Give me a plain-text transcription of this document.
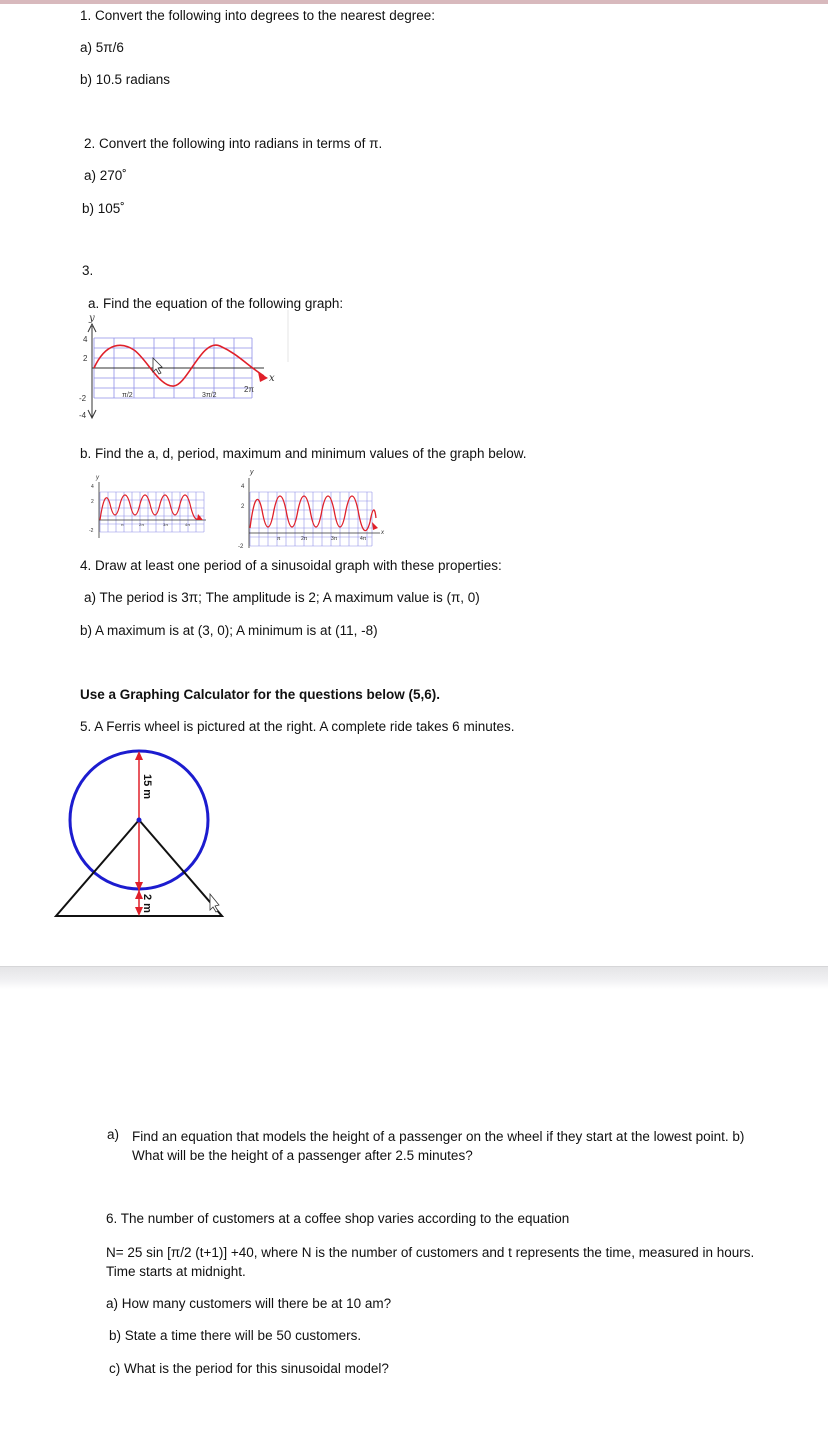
1. Convert the following into degrees to the nearest degree:
a) 5π/6
b) 10.5 radians
2. Convert the following into radians in terms of π.
a) 270˚
b) 105˚
3.
a. Find the equation of the following graph:
y
x
4
2
-2
-4
π/2	3π/2
2π
b. Find the a, d, period, maximum and minimum values of the graph below.
y
4
2
-2
π	2π	3π	4π
y
x
4
2
-2
π	2π	3π	4π
4. Draw at least one period of a sinusoidal graph with these properties:
a) The period is 3π; The amplitude is 2; A maximum value is (π, 0)
b) A maximum is at (3, 0); A minimum is at (11, -8)
Use a Graphing Calculator for the questions below (5,6).
5. A Ferris wheel is pictured at the right. A complete ride takes 6 minutes.
15 m
2 m
a) Find an equation that models the height of a passenger on the wheel if they start at the lowest point. b) What will be the height of a passenger after 2.5 minutes?
6. The number of customers at a coffee shop varies according to the equation
N= 25 sin [π/2 (t+1)] +40, where N is the number of customers and t represents the time, measured in hours. Time starts at midnight.
a) How many customers will there be at 10 am?
b) State a time there will be 50 customers.
c) What is the period for this sinusoidal model?
